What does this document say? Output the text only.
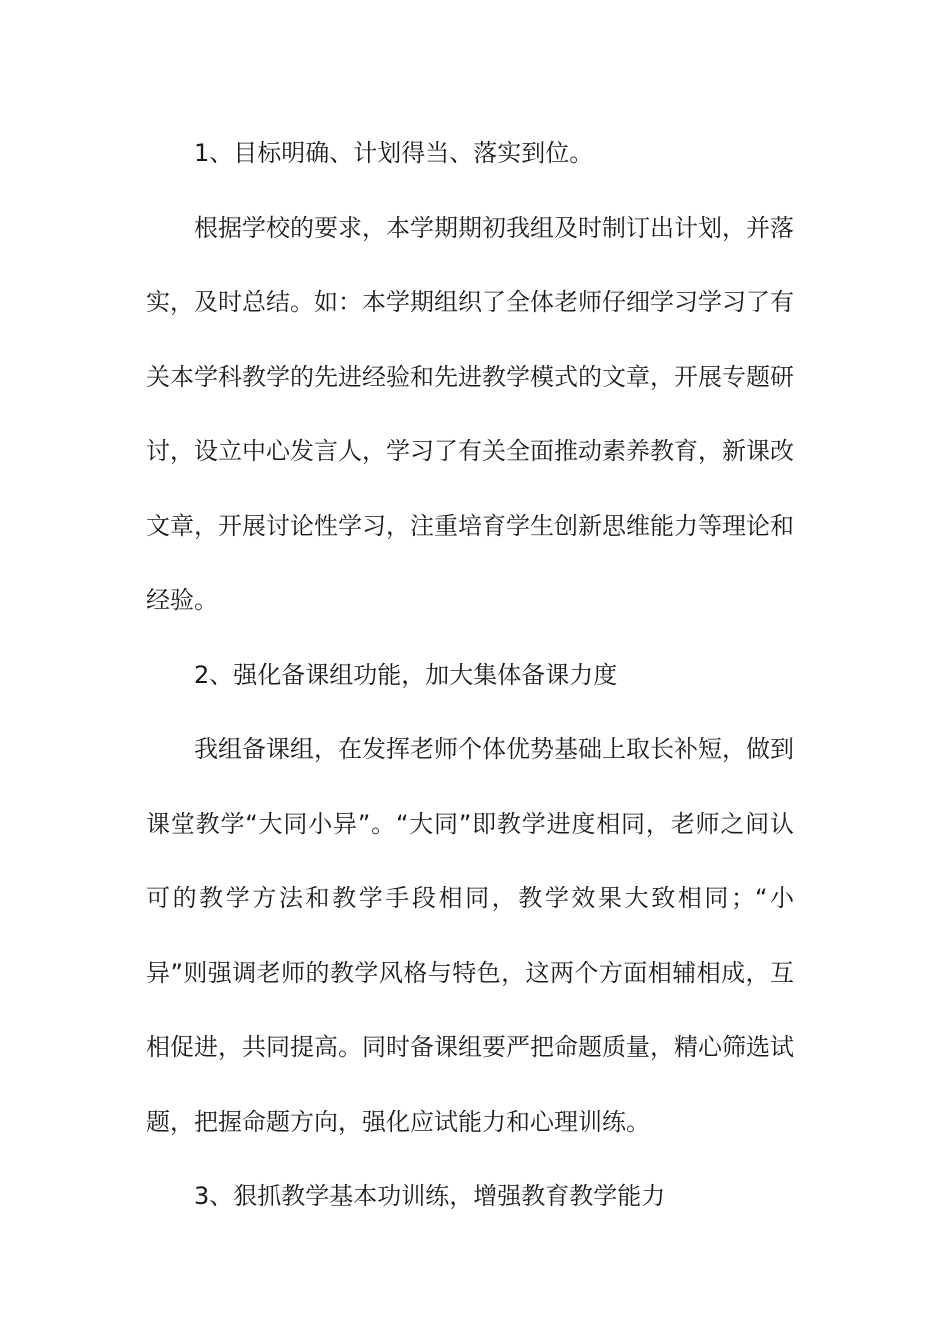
1、目标明确、计划得当、落实到位。

根据学校的要求，本学期期初我组及时制订出计划，并落实，及时总结。如：本学期组织了全体老师仔细学习学习了有关本学科教学的先进经验和先进教学模式的文章，开展专题研讨，设立中心发言人，学习了有关全面推动素养教育，新课改文章，开展讨论性学习，注重培育学生创新思维能力等理论和经验。

2、强化备课组功能，加大集体备课力度

我组备课组，在发挥老师个体优势基础上取长补短，做到课堂教学“大同小异”。“大同”即教学进度相同，老师之间认可的教学方法和教学手段相同，教学效果大致相同；“小异”则强调老师的教学风格与特色，这两个方面相辅相成，互相促进，共同提高。同时备课组要严把命题质量，精心筛选试题，把握命题方向，强化应试能力和心理训练。

3、狠抓教学基本功训练，增强教育教学能力
